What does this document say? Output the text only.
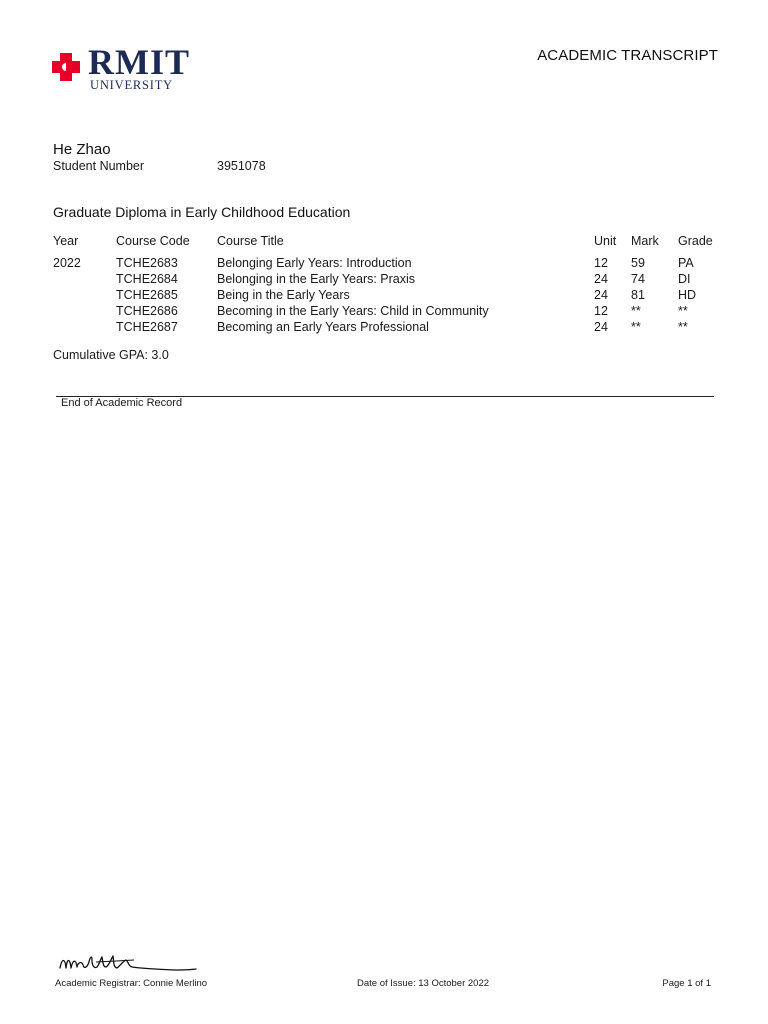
RMIT
UNIVERSITY
ACADEMIC TRANSCRIPT
He Zhao
Student Number	3951078
Graduate Diploma in Early Childhood Education
Year	Course Code	Course Title	Unit	Mark	Grade
2022	TCHE2683	Belonging Early Years: Introduction	12	59	PA
	TCHE2684	Belonging in the Early Years: Praxis	24	74	DI
	TCHE2685	Being in the Early Years	24	81	HD
	TCHE2686	Becoming in the Early Years: Child in Community	12	**	**
	TCHE2687	Becoming an Early Years Professional	24	**	**
Cumulative GPA: 3.0
End of Academic Record
Academic Registrar: Connie Merlino	Date of Issue: 13 October 2022	Page 1 of 1
